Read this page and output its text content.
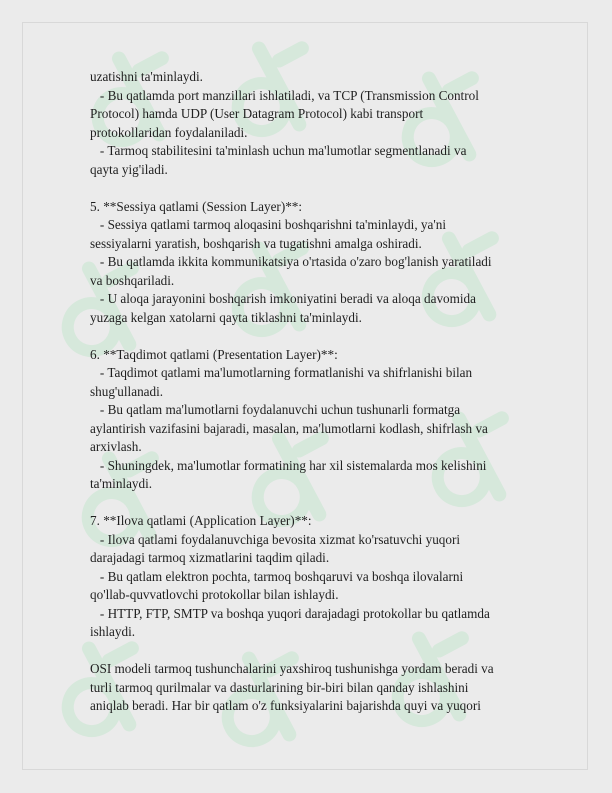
uzatishni ta'minlaydi.
- Bu qatlamda port manzillari ishlatiladi, va TCP (Transmission Control
Protocol) hamda UDP (User Datagram Protocol) kabi transport
protokollaridan foydalaniladi.
- Tarmoq stabilitesini ta'minlash uchun ma'lumotlar segmentlanadi va
qayta yig'iladi.
5. **Sessiya qatlami (Session Layer)**:
- Sessiya qatlami tarmoq aloqasini boshqarishni ta'minlaydi, ya'ni
sessiyalarni yaratish, boshqarish va tugatishni amalga oshiradi.
- Bu qatlamda ikkita kommunikatsiya o'rtasida o'zaro bog'lanish yaratiladi
va boshqariladi.
- U aloqa jarayonini boshqarish imkoniyatini beradi va aloqa davomida
yuzaga kelgan xatolarni qayta tiklashni ta'minlaydi.
6. **Taqdimot qatlami (Presentation Layer)**:
- Taqdimot qatlami ma'lumotlarning formatlanishi va shifrlanishi bilan
shug'ullanadi.
- Bu qatlam ma'lumotlarni foydalanuvchi uchun tushunarli formatga
aylantirish vazifasini bajaradi, masalan, ma'lumotlarni kodlash, shifrlash va
arxivlash.
- Shuningdek, ma'lumotlar formatining har xil sistemalarda mos kelishini
ta'minlaydi.
7. **Ilova qatlami (Application Layer)**:
- Ilova qatlami foydalanuvchiga bevosita xizmat ko'rsatuvchi yuqori
darajadagi tarmoq xizmatlarini taqdim qiladi.
- Bu qatlam elektron pochta, tarmoq boshqaruvi va boshqa ilovalarni
qo'llab-quvvatlovchi protokollar bilan ishlaydi.
- HTTP, FTP, SMTP va boshqa yuqori darajadagi protokollar bu qatlamda
ishlaydi.
OSI modeli tarmoq tushunchalarini yaxshiroq tushunishga yordam beradi va
turli tarmoq qurilmalar va dasturlarining bir-biri bilan qanday ishlashini
aniqlab beradi. Har bir qatlam o'z funksiyalarini bajarishda quyi va yuqori
